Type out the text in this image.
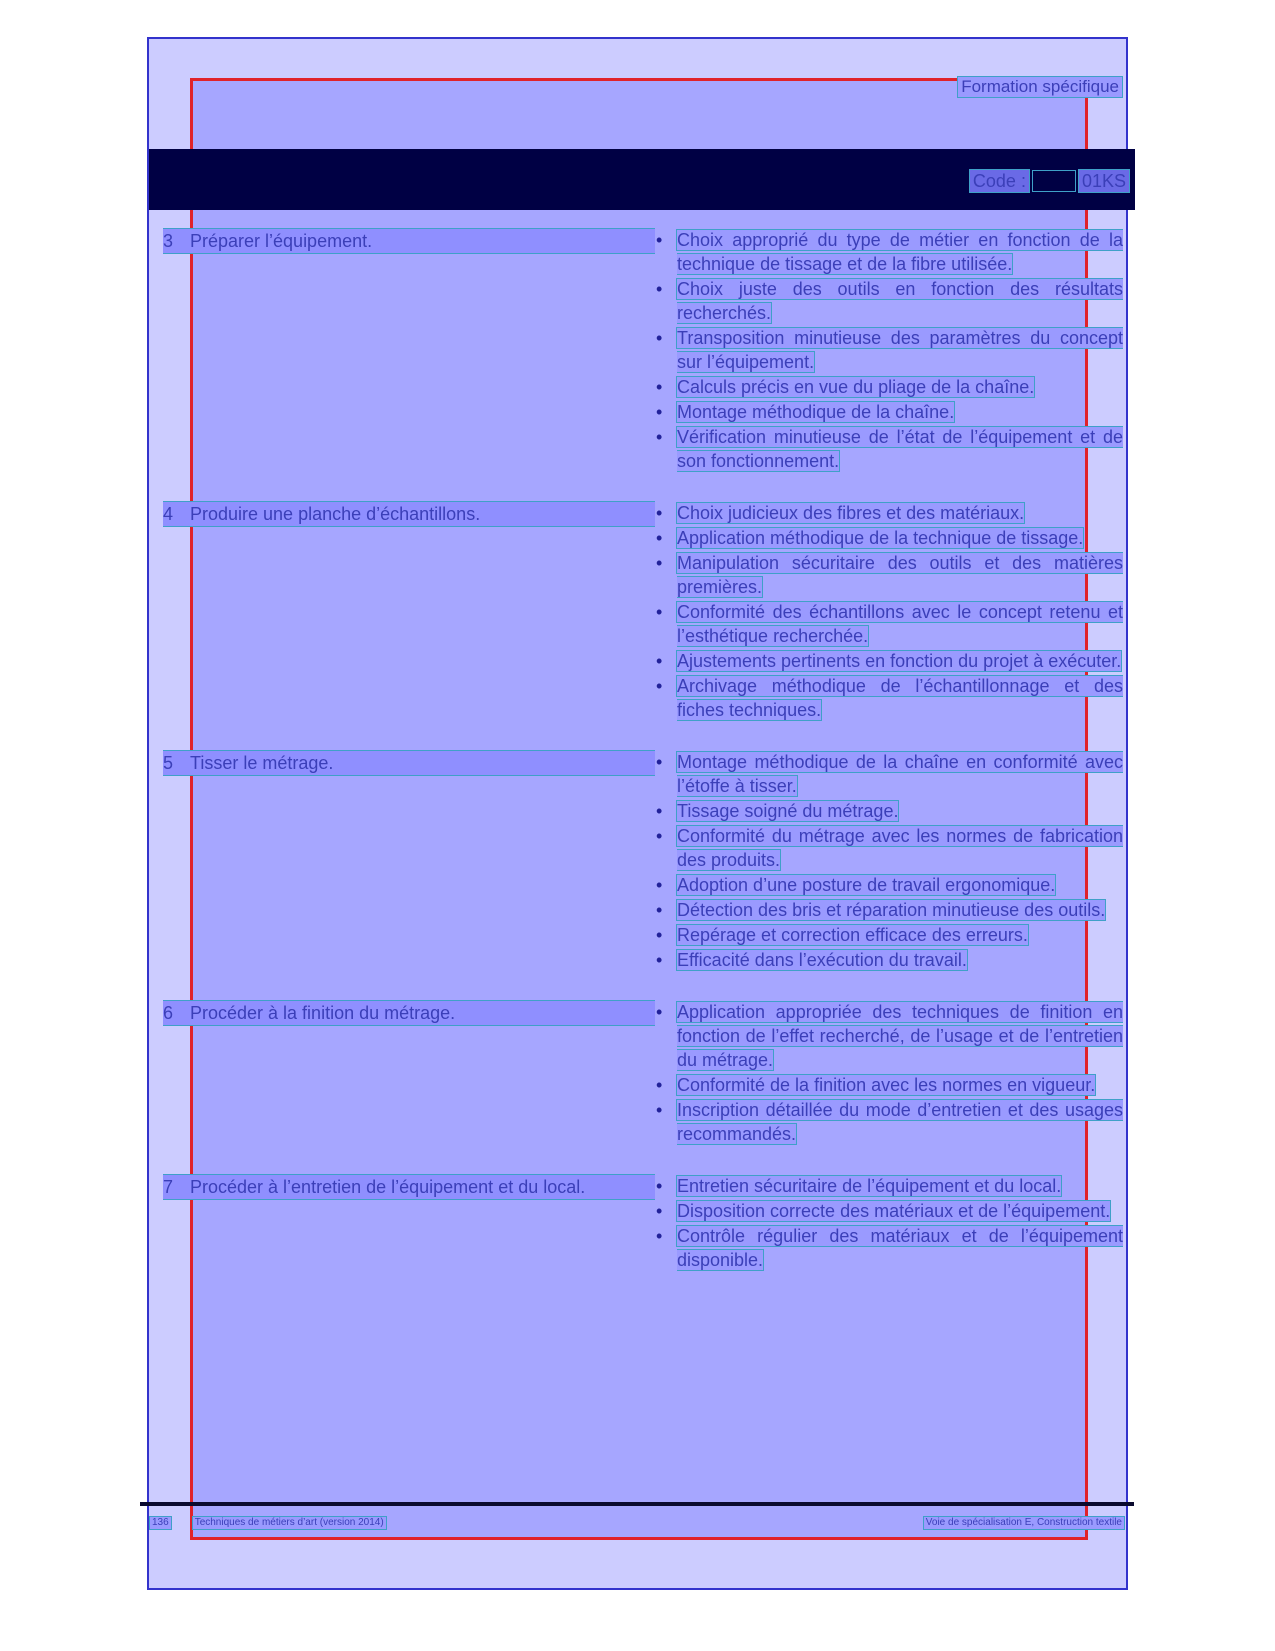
Formation spécifique
Code :	01KS
3 Préparer l’équipement.	• Choix approprié du type de métier en fonction de la technique de tissage et de la fibre utilisée.
• Choix juste des outils en fonction des résultats recherchés.
• Transposition minutieuse des paramètres du concept sur l’équipement.
• Calculs précis en vue du pliage de la chaîne.
• Montage méthodique de la chaîne.
• Vérification minutieuse de l’état de l’équipement et de son fonctionnement.
4 Produire une planche d’échantillons.	• Choix judicieux des fibres et des matériaux.
• Application méthodique de la technique de tissage.
• Manipulation sécuritaire des outils et des matières premières.
• Conformité des échantillons avec le concept retenu et l’esthétique recherchée.
• Ajustements pertinents en fonction du projet à exécuter.
• Archivage méthodique de l’échantillonnage et des fiches techniques.
5 Tisser le métrage.	• Montage méthodique de la chaîne en conformité avec l’étoffe à tisser.
• Tissage soigné du métrage.
• Conformité du métrage avec les normes de fabrication des produits.
• Adoption d’une posture de travail ergonomique.
• Détection des bris et réparation minutieuse des outils.
• Repérage et correction efficace des erreurs.
• Efficacité dans l’exécution du travail.
6 Procéder à la finition du métrage.	• Application appropriée des techniques de finition en fonction de l’effet recherché, de l’usage et de l’entretien du métrage.
• Conformité de la finition avec les normes en vigueur.
• Inscription détaillée du mode d’entretien et des usages recommandés.
7 Procéder à l’entretien de l’équipement et du local.	• Entretien sécuritaire de l’équipement et du local.
• Disposition correcte des matériaux et de l’équipement.
• Contrôle régulier des matériaux et de l’équipement disponible.
136	Techniques de métiers d’art (version 2014)	Voie de spécialisation E, Construction textile
